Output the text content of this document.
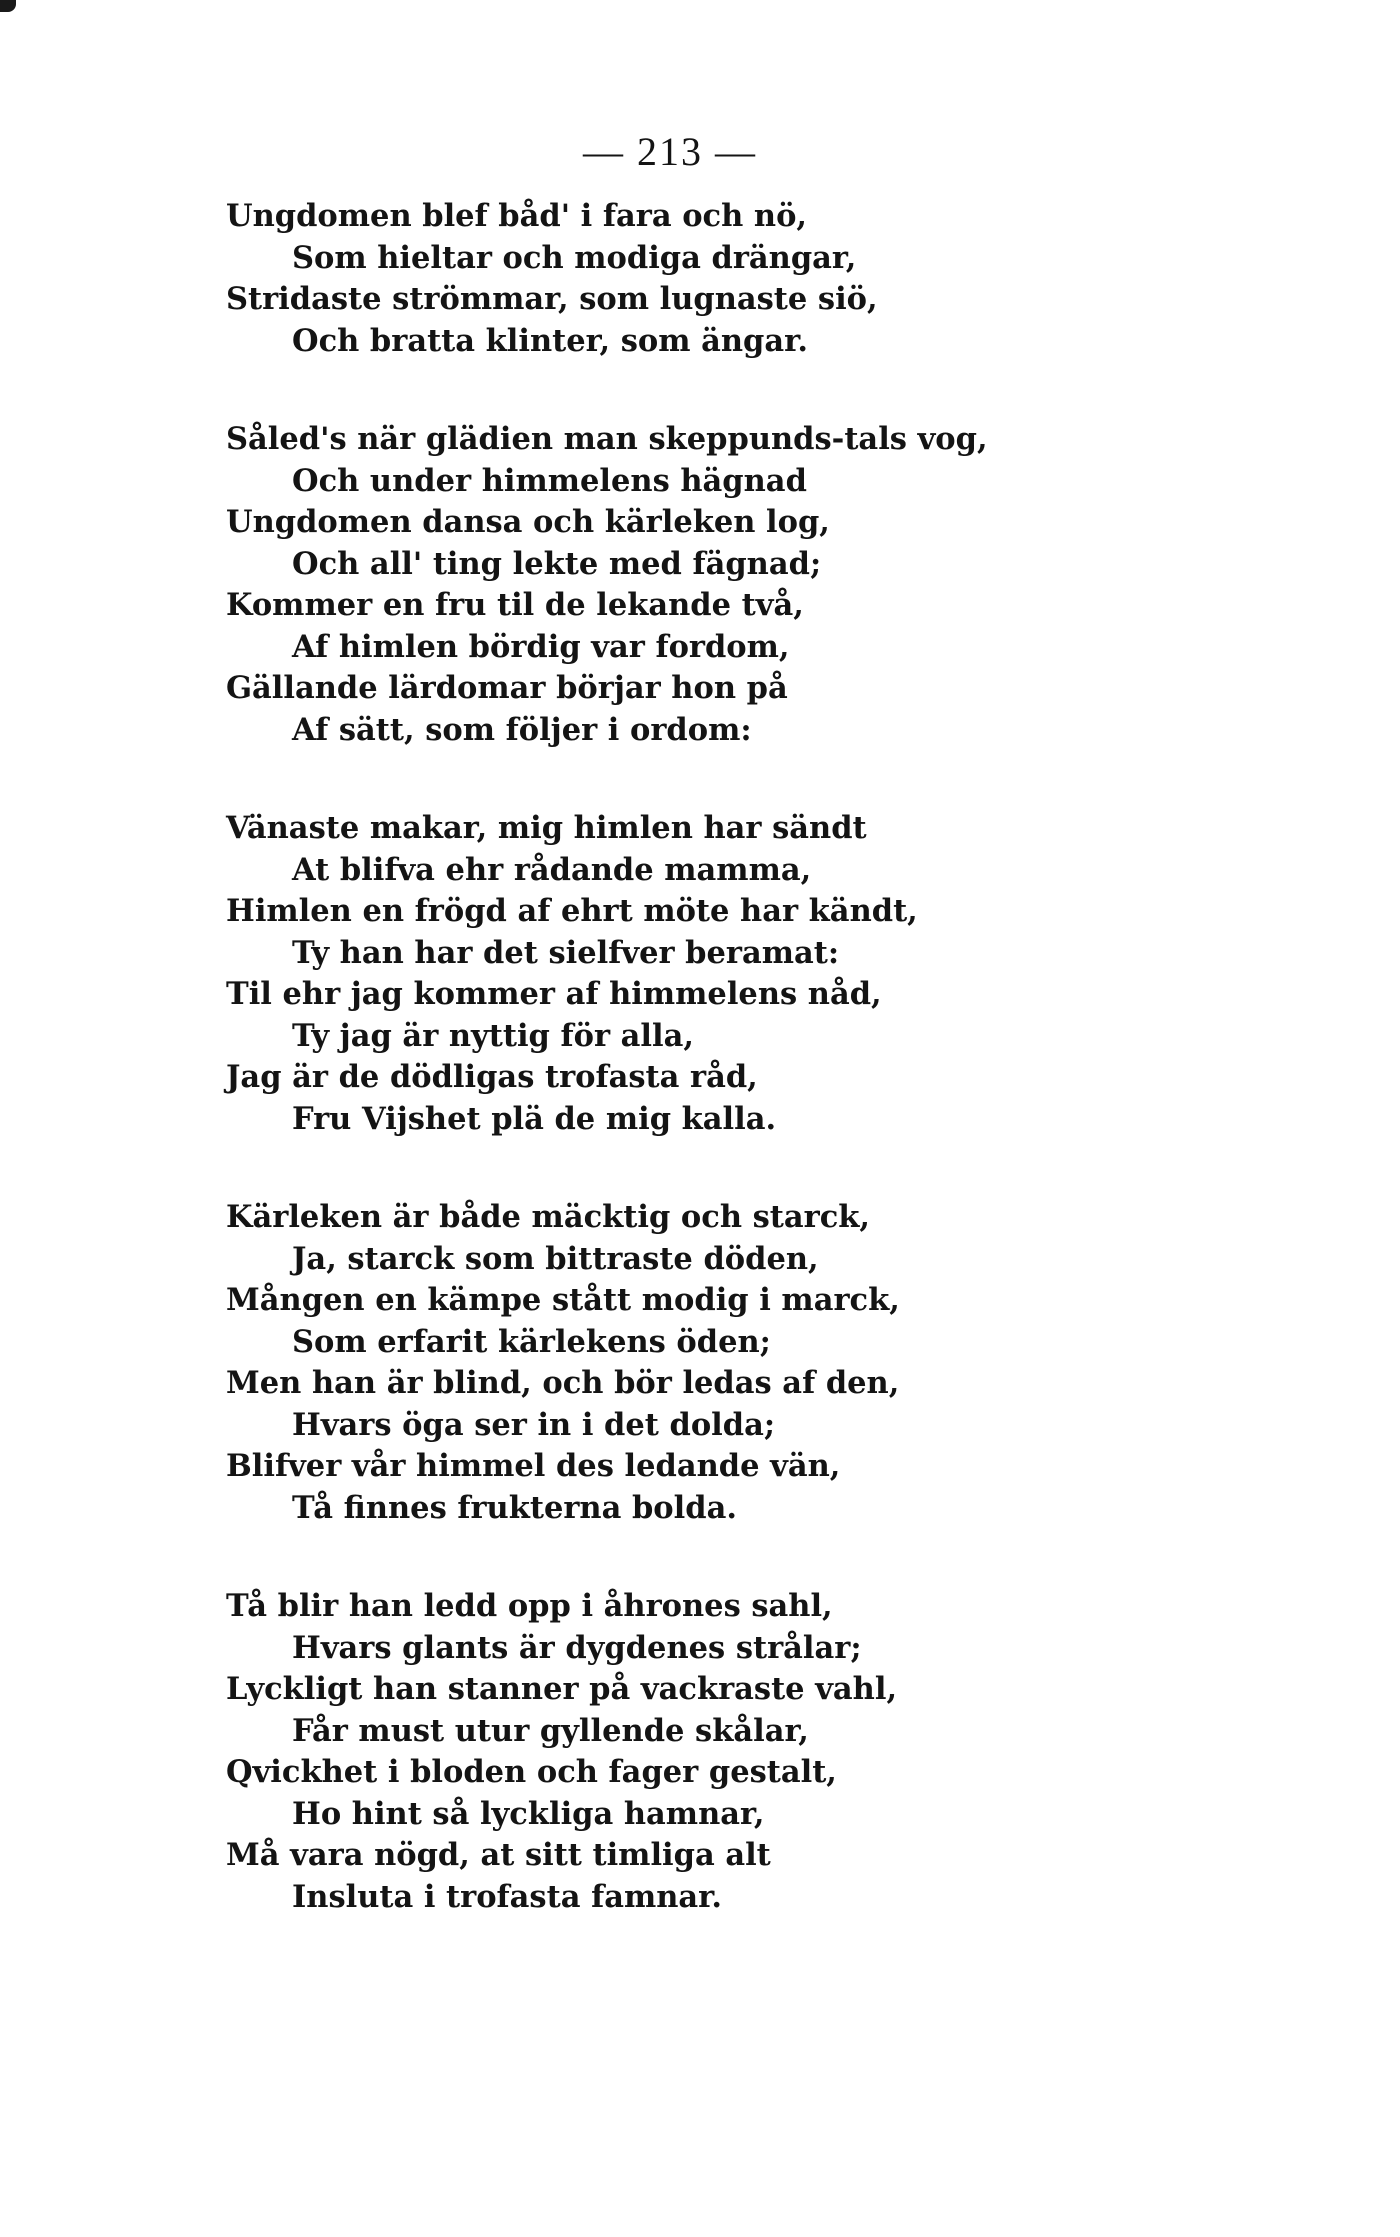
— 213 —
Ungdomen blef båd' i fara och nö,
Som hieltar och modiga drängar,
Stridaste strömmar, som lugnaste siö,
Och bratta klinter, som ängar.
Såled's när glädien man skeppunds-tals vog,
Och under himmelens hägnad
Ungdomen dansa och kärleken log,
Och all' ting lekte med fägnad;
Kommer en fru til de lekande två,
Af himlen bördig var fordom,
Gällande lärdomar börjar hon på
Af sätt, som följer i ordom:
Vänaste makar, mig himlen har sändt
At blifva ehr rådande mamma,
Himlen en frögd af ehrt möte har kändt,
Ty han har det sielfver beramat:
Til ehr jag kommer af himmelens nåd,
Ty jag är nyttig för alla,
Jag är de dödligas trofasta råd,
Fru Vijshet plä de mig kalla.
Kärleken är både mäcktig och starck,
Ja, starck som bittraste döden,
Mången en kämpe stått modig i marck,
Som erfarit kärlekens öden;
Men han är blind, och bör ledas af den,
Hvars öga ser in i det dolda;
Blifver vår himmel des ledande vän,
Tå finnes frukterna bolda.
Tå blir han ledd opp i åhrones sahl,
Hvars glants är dygdenes strålar;
Lyckligt han stanner på vackraste vahl,
Får must utur gyllende skålar,
Qvickhet i bloden och fager gestalt,
Ho hint så lyckliga hamnar,
Må vara nögd, at sitt timliga alt
Insluta i trofasta famnar.
